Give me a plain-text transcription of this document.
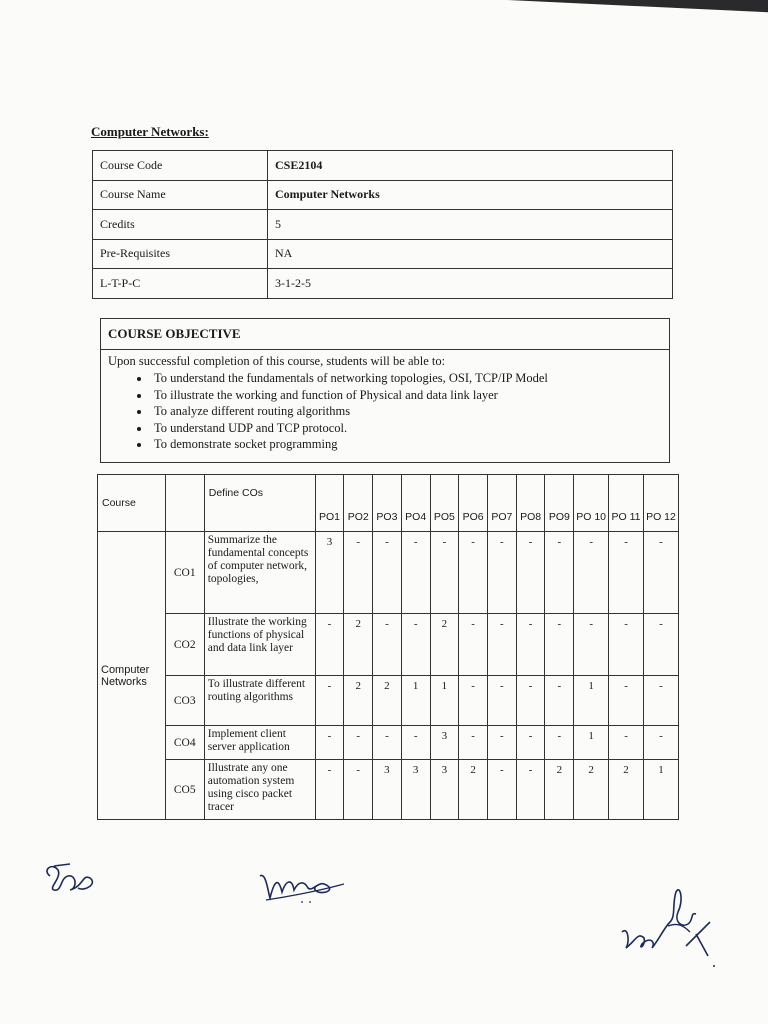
Computer Networks:
Course Code	CSE2104
Course Name	Computer Networks
Credits	5
Pre-Requisites	NA
L-T-P-C	3-1-2-5
COURSE OBJECTIVE
Upon successful completion of this course, students will be able to:
• To understand the fundamentals of networking topologies, OSI, TCP/IP Model
• To illustrate the working and function of Physical and data link layer
• To analyze different routing algorithms
• To understand UDP and TCP protocol.
• To demonstrate socket programming
Course		Define COs	PO1	PO2	PO3	PO4	PO5	PO6	PO7	PO8	PO9	PO 10	PO 11	PO 12
Computer Networks	CO1	Summarize the fundamental concepts of computer network, topologies,	3	-	-	-	-	-	-	-	-	-	-	-
	CO2	Illustrate the working functions of physical and data link layer	-	2	-	-	2	-	-	-	-	-	-	-
	CO3	To illustrate different routing algorithms	-	2	2	1	1	-	-	-	-	1	-	-
	CO4	Implement client server application	-	-	-	-	3	-	-	-	-	1	-	-
	CO5	Illustrate any one automation system using cisco packet tracer	-	-	3	3	3	2	-	-	2	2	2	1
